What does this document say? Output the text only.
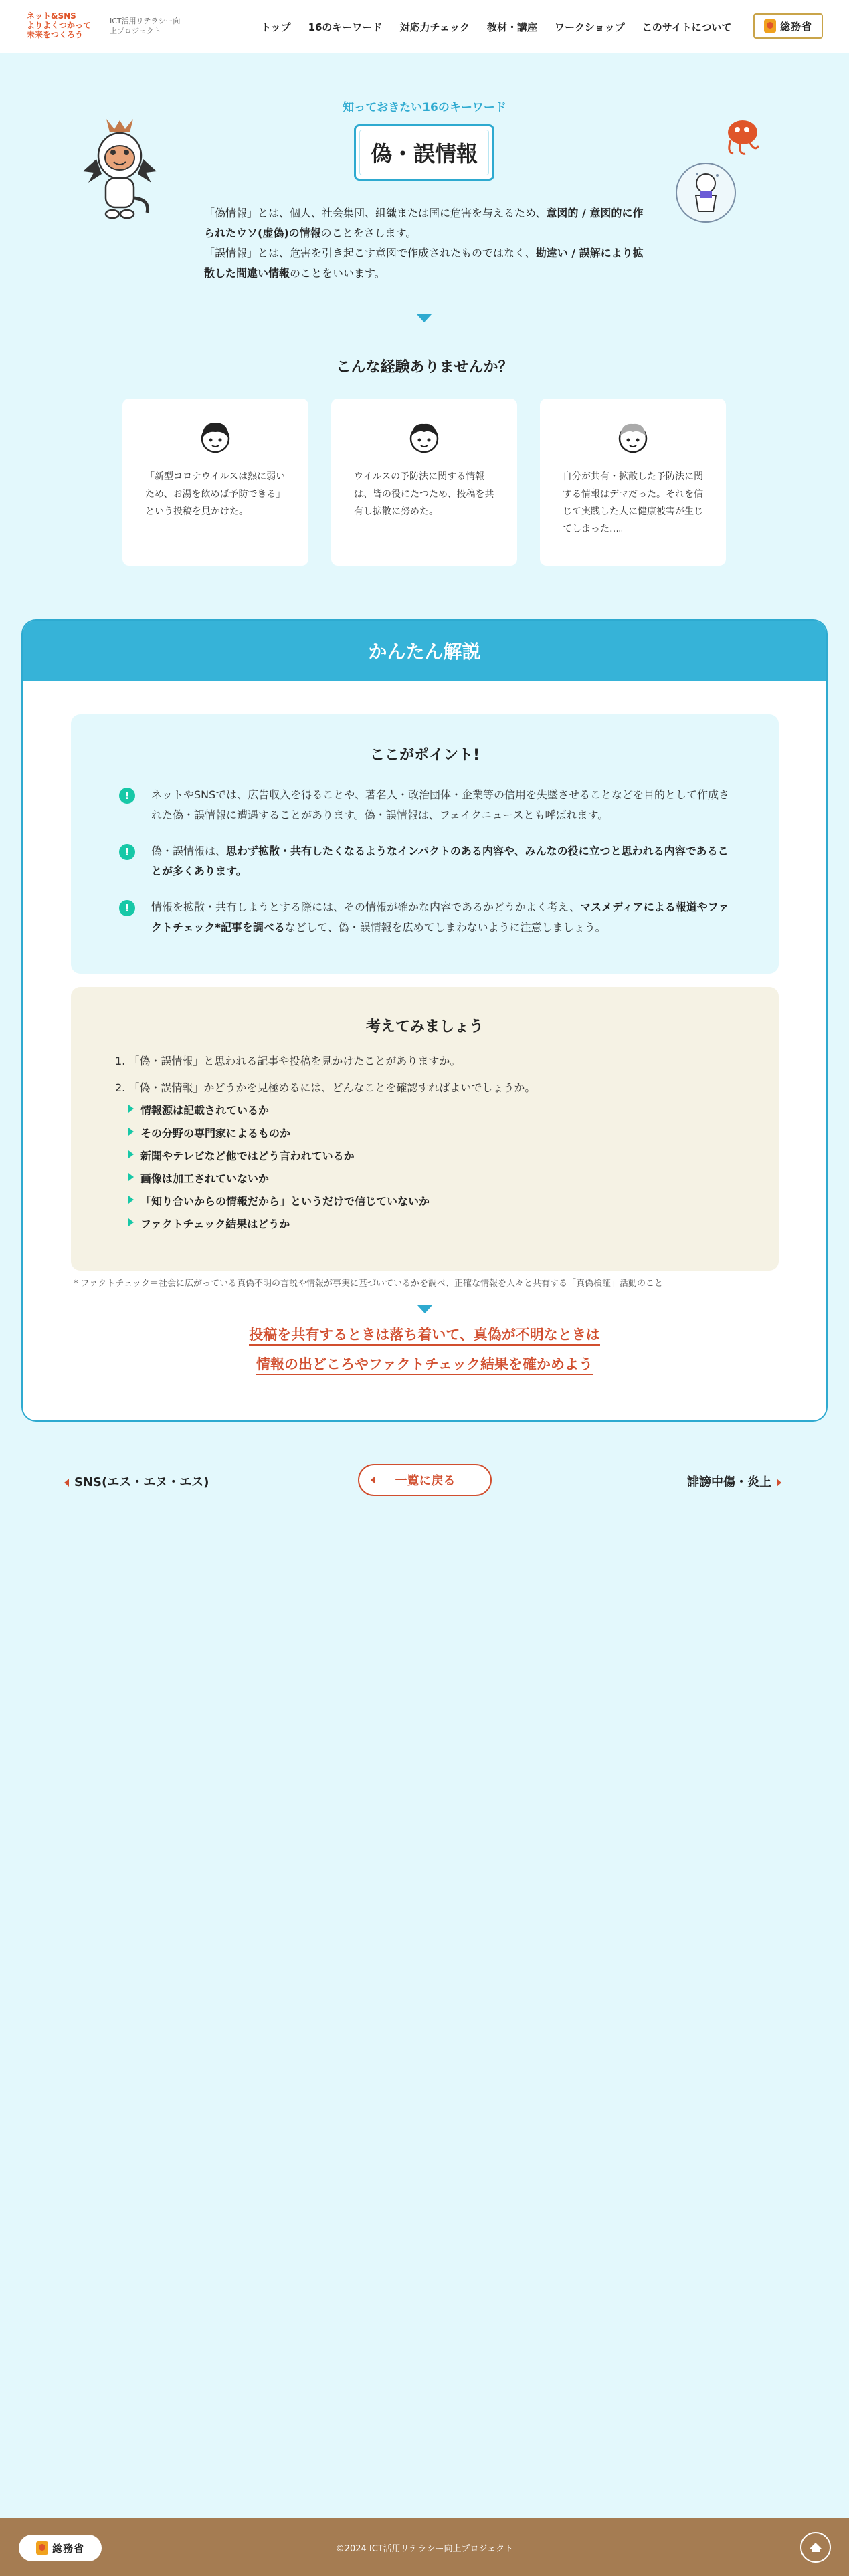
ネット&SNS
よりよくつかって
未来をつくろう
ICT活用リテラシー向上プロジェクト	トップ 16のキーワード 対応力チェック 教材・講座 ワークショップ このサイトについて	総務省
知っておきたい16のキーワード
偽・誤情報

「偽情報」とは、個人、社会集団、組織または国に危害を与えるため、意図的 / 意図的に作られたウソ(虚偽)の情報のことをさします。

「誤情報」とは、危害を引き起こす意図で作成されたものではなく、勘違い / 誤解により拡散した間違い情報のことをいいます。

こんな経験ありませんか？
「新型コロナウイルスは熱に弱いため、お湯を飲めば予防できる」という投稿を見かけた。
ウイルスの予防法に関する情報は、皆の役にたつため、投稿を共有し拡散に努めた。
自分が共有・拡散した予防法に関する情報はデマだった。それを信じて実践した人に健康被害が生じてしまった…。
かんたん解説
ここがポイント!
!	ネットやSNSでは、広告収入を得ることや、著名人・政治団体・企業等の信用を失墜させることなどを目的として作成された偽・誤情報に遭遇することがあります。偽・誤情報は、フェイクニュースとも呼ばれます。
!	偽・誤情報は、思わず拡散・共有したくなるようなインパクトのある内容や、みんなの役に立つと思われる内容であることが多くあります。
!	情報を拡散・共有しようとする際には、その情報が確かな内容であるかどうかよく考え、マスメディアによる報道やファクトチェック*記事を調べるなどして、偽・誤情報を広めてしまわないように注意しましょう。
考えてみましょう
1. 「偽・誤情報」と思われる記事や投稿を見かけたことがありますか。
2. 「偽・誤情報」かどうかを見極めるには、どんなことを確認すればよいでしょうか。
情報源は記載されているか
その分野の専門家によるものか
新聞やテレビなど他ではどう言われているか
画像は加工されていないか
「知り合いからの情報だから」というだけで信じていないか
ファクトチェック結果はどうか
* ファクトチェック＝社会に広がっている真偽不明の言説や情報が事実に基づいているかを調べ、正確な情報を人々と共有する「真偽検証」活動のこと
投稿を共有するときは落ち着いて、真偽が不明なときは
情報の出どころやファクトチェック結果を確かめよう
SNS(エス・エヌ・エス)	一覧に戻る	誹謗中傷・炎上
総務省	©2024 ICT活用リテラシー向上プロジェクト
